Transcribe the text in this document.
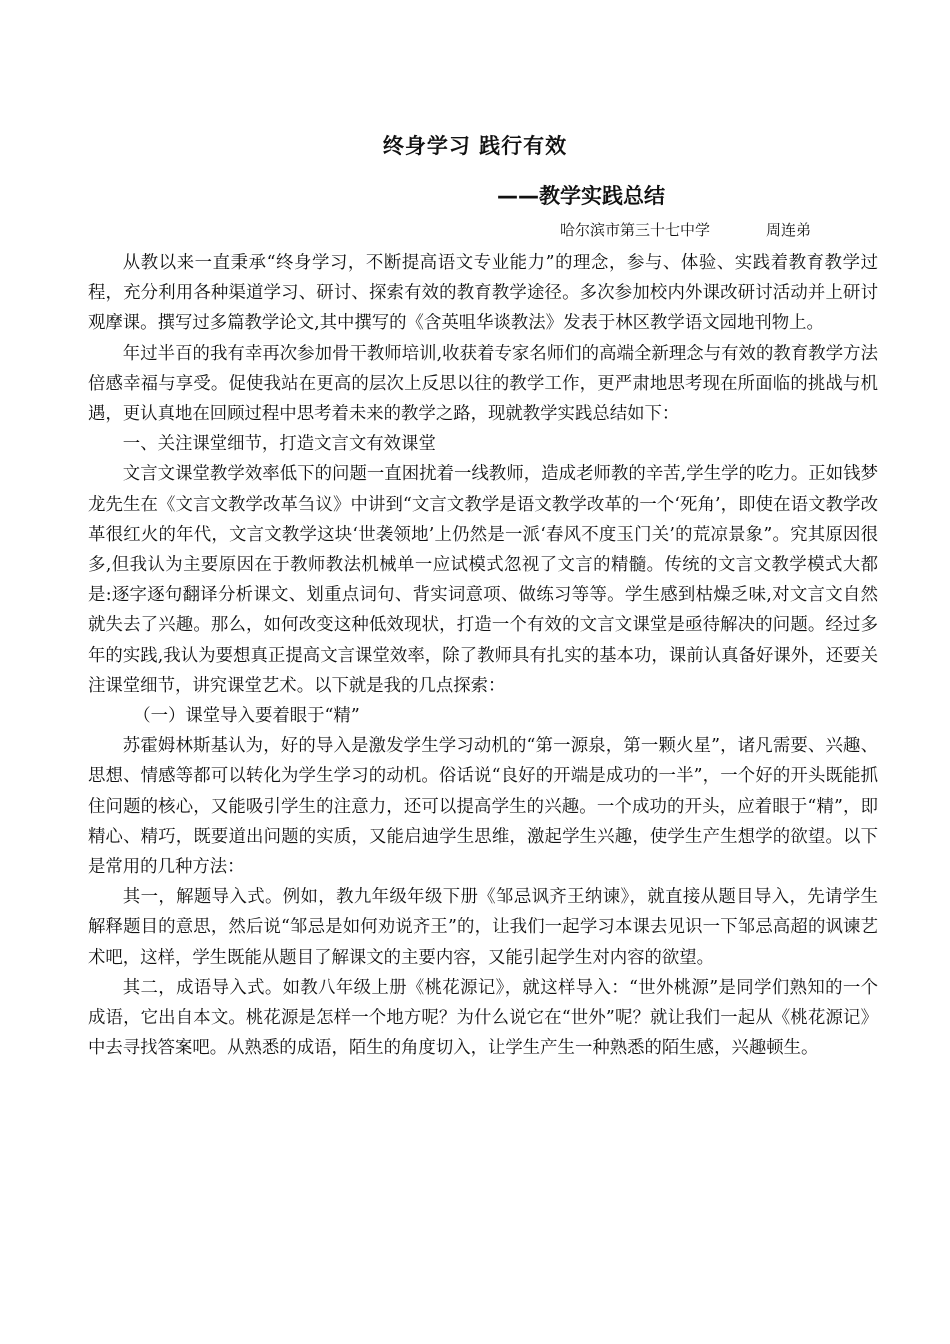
终身学习 践行有效
——教学实践总结
哈尔滨市第三十七中学	周连弟

从教以来一直秉承“终身学习，不断提高语文专业能力”的理念，参与、体验、实践着教育教学过程，充分利用各种渠道学习、研讨、探索有效的教育教学途径。多次参加校内外课改研讨活动并上研讨观摩课。撰写过多篇教学论文,其中撰写的《含英咀华谈教法》发表于林区教学语文园地刊物上。

年过半百的我有幸再次参加骨干教师培训,收获着专家名师们的高端全新理念与有效的教育教学方法倍感幸福与享受。促使我站在更高的层次上反思以往的教学工作，更严肃地思考现在所面临的挑战与机遇，更认真地在回顾过程中思考着未来的教学之路，现就教学实践总结如下：

一、关注课堂细节，打造文言文有效课堂

文言文课堂教学效率低下的问题一直困扰着一线教师，造成老师教的辛苦,学生学的吃力。正如钱梦龙先生在《文言文教学改革刍议》中讲到“文言文教学是语文教学改革的一个‘死角’，即使在语文教学改革很红火的年代，文言文教学这块‘世袭领地’上仍然是一派‘春风不度玉门关’的荒凉景象”。究其原因很多,但我认为主要原因在于教师教法机械单一应试模式忽视了文言的精髓。传统的文言文教学模式大都是:逐字逐句翻译分析课文、划重点词句、背实词意项、做练习等等。学生感到枯燥乏味,对文言文自然就失去了兴趣。那么，如何改变这种低效现状，打造一个有效的文言文课堂是亟待解决的问题。经过多年的实践,我认为要想真正提高文言课堂效率，除了教师具有扎实的基本功，课前认真备好课外，还要关注课堂细节，讲究课堂艺术。以下就是我的几点探索：

（一）课堂导入要着眼于“精”

苏霍姆林斯基认为，好的导入是激发学生学习动机的“第一源泉，第一颗火星”，诸凡需要、兴趣、思想、情感等都可以转化为学生学习的动机。俗话说“良好的开端是成功的一半”，一个好的开头既能抓住问题的核心，又能吸引学生的注意力，还可以提高学生的兴趣。一个成功的开头，应着眼于“精”，即精心、精巧，既要道出问题的实质，又能启迪学生思维，激起学生兴趣，使学生产生想学的欲望。以下是常用的几种方法：

其一，解题导入式。例如，教九年级年级下册《邹忌讽齐王纳谏》，就直接从题目导入，先请学生解释题目的意思，然后说“邹忌是如何劝说齐王”的，让我们一起学习本课去见识一下邹忌高超的讽谏艺术吧，这样，学生既能从题目了解课文的主要内容，又能引起学生对内容的欲望。

其二，成语导入式。如教八年级上册《桃花源记》，就这样导入：“世外桃源”是同学们熟知的一个成语，它出自本文。桃花源是怎样一个地方呢？为什么说它在“世外”呢？就让我们一起从《桃花源记》中去寻找答案吧。从熟悉的成语，陌生的角度切入，让学生产生一种熟悉的陌生感，兴趣顿生。
